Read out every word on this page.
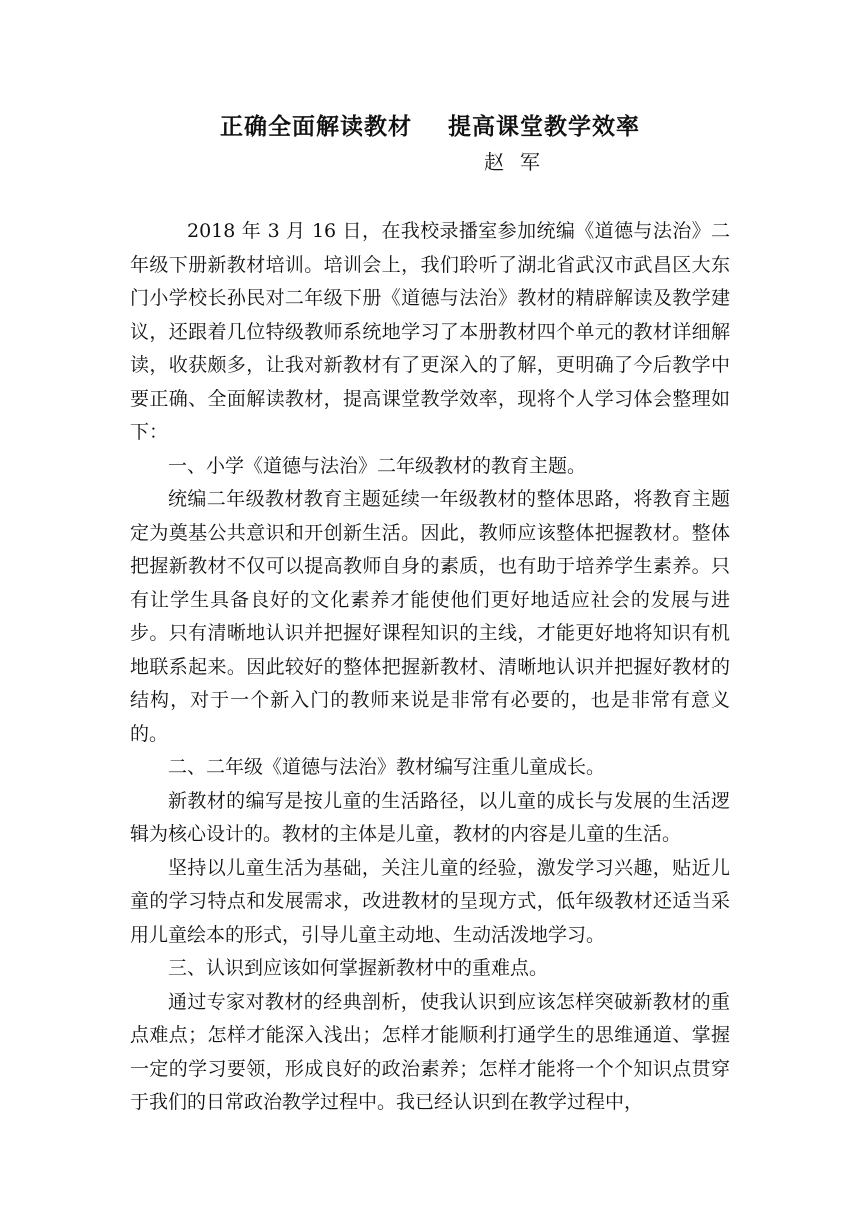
正确全面解读教材    提高课堂教学效率
赵军

2018 年 3 月 16 日，在我校录播室参加统编《道德与法治》二年级下册新教材培训。培训会上，我们聆听了湖北省武汉市武昌区大东门小学校长孙民对二年级下册《道德与法治》教材的精辟解读及教学建议，还跟着几位特级教师系统地学习了本册教材四个单元的教材详细解读，收获颇多，让我对新教材有了更深入的了解，更明确了今后教学中要正确、全面解读教材，提高课堂教学效率，现将个人学习体会整理如下：

一、小学《道德与法治》二年级教材的教育主题。

统编二年级教材教育主题延续一年级教材的整体思路，将教育主题定为奠基公共意识和开创新生活。因此，教师应该整体把握教材。整体把握新教材不仅可以提高教师自身的素质，也有助于培养学生素养。只有让学生具备良好的文化素养才能使他们更好地适应社会的发展与进步。只有清晰地认识并把握好课程知识的主线，才能更好地将知识有机地联系起来。因此较好的整体把握新教材、清晰地认识并把握好教材的结构，对于一个新入门的教师来说是非常有必要的，也是非常有意义的。

二、二年级《道德与法治》教材编写注重儿童成长。

新教材的编写是按儿童的生活路径，以儿童的成长与发展的生活逻辑为核心设计的。教材的主体是儿童，教材的内容是儿童的生活。

坚持以儿童生活为基础，关注儿童的经验，激发学习兴趣，贴近儿童的学习特点和发展需求，改进教材的呈现方式，低年级教材还适当采用儿童绘本的形式，引导儿童主动地、生动活泼地学习。

三、认识到应该如何掌握新教材中的重难点。

通过专家对教材的经典剖析，使我认识到应该怎样突破新教材的重点难点；怎样才能深入浅出；怎样才能顺利打通学生的思维通道、掌握一定的学习要领，形成良好的政治素养；怎样才能将一个个知识点贯穿于我们的日常政治教学过程中。我已经认识到在教学过程中，
